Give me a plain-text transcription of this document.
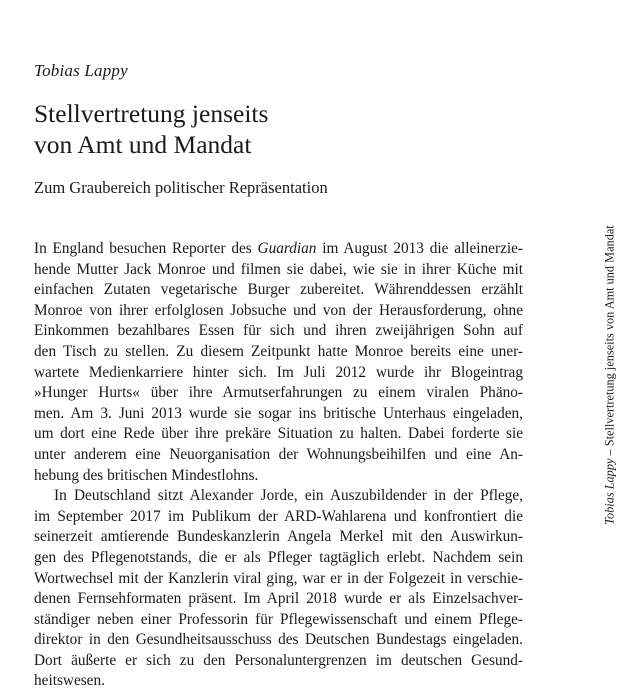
Tobias Lappy – Stellvertretung jenseits von Amt und Mandat
Tobias Lappy
Stellvertretung jenseits
von Amt und Mandat
Zum Graubereich politischer Repräsentation
In England besuchen Reporter des Guardian im August 2013 die alleinerzie-
hende Mutter Jack Monroe und filmen sie dabei, wie sie in ihrer Küche mit
einfachen Zutaten vegetarische Burger zubereitet. Währenddessen erzählt
Monroe von ihrer erfolglosen Jobsuche und von der Herausforderung, ohne
Einkommen bezahlbares Essen für sich und ihren zweijährigen Sohn auf
den Tisch zu stellen. Zu diesem Zeitpunkt hatte Monroe bereits eine uner-
wartete Medienkarriere hinter sich. Im Juli 2012 wurde ihr Blogeintrag
»Hunger Hurts« über ihre Armutserfahrungen zu einem viralen Phäno-
men. Am 3. Juni 2013 wurde sie sogar ins britische Unterhaus eingeladen,
um dort eine Rede über ihre prekäre Situation zu halten. Dabei forderte sie
unter anderem eine Neuorganisation der Wohnungsbeihilfen und eine An-
hebung des britischen Mindestlohns.
In Deutschland sitzt Alexander Jorde, ein Auszubildender in der Pflege,
im September 2017 im Publikum der ARD-Wahlarena und konfrontiert die
seinerzeit amtierende Bundeskanzlerin Angela Merkel mit den Auswirkun-
gen des Pflegenotstands, die er als Pfleger tagtäglich erlebt. Nachdem sein
Wortwechsel mit der Kanzlerin viral ging, war er in der Folgezeit in verschie-
denen Fernsehformaten präsent. Im April 2018 wurde er als Einzelsachver-
ständiger neben einer Professorin für Pflegewissenschaft und einem Pflege-
direktor in den Gesundheitsausschuss des Deutschen Bundestags eingeladen.
Dort äußerte er sich zu den Personaluntergrenzen im deutschen Gesund-
heitswesen.
